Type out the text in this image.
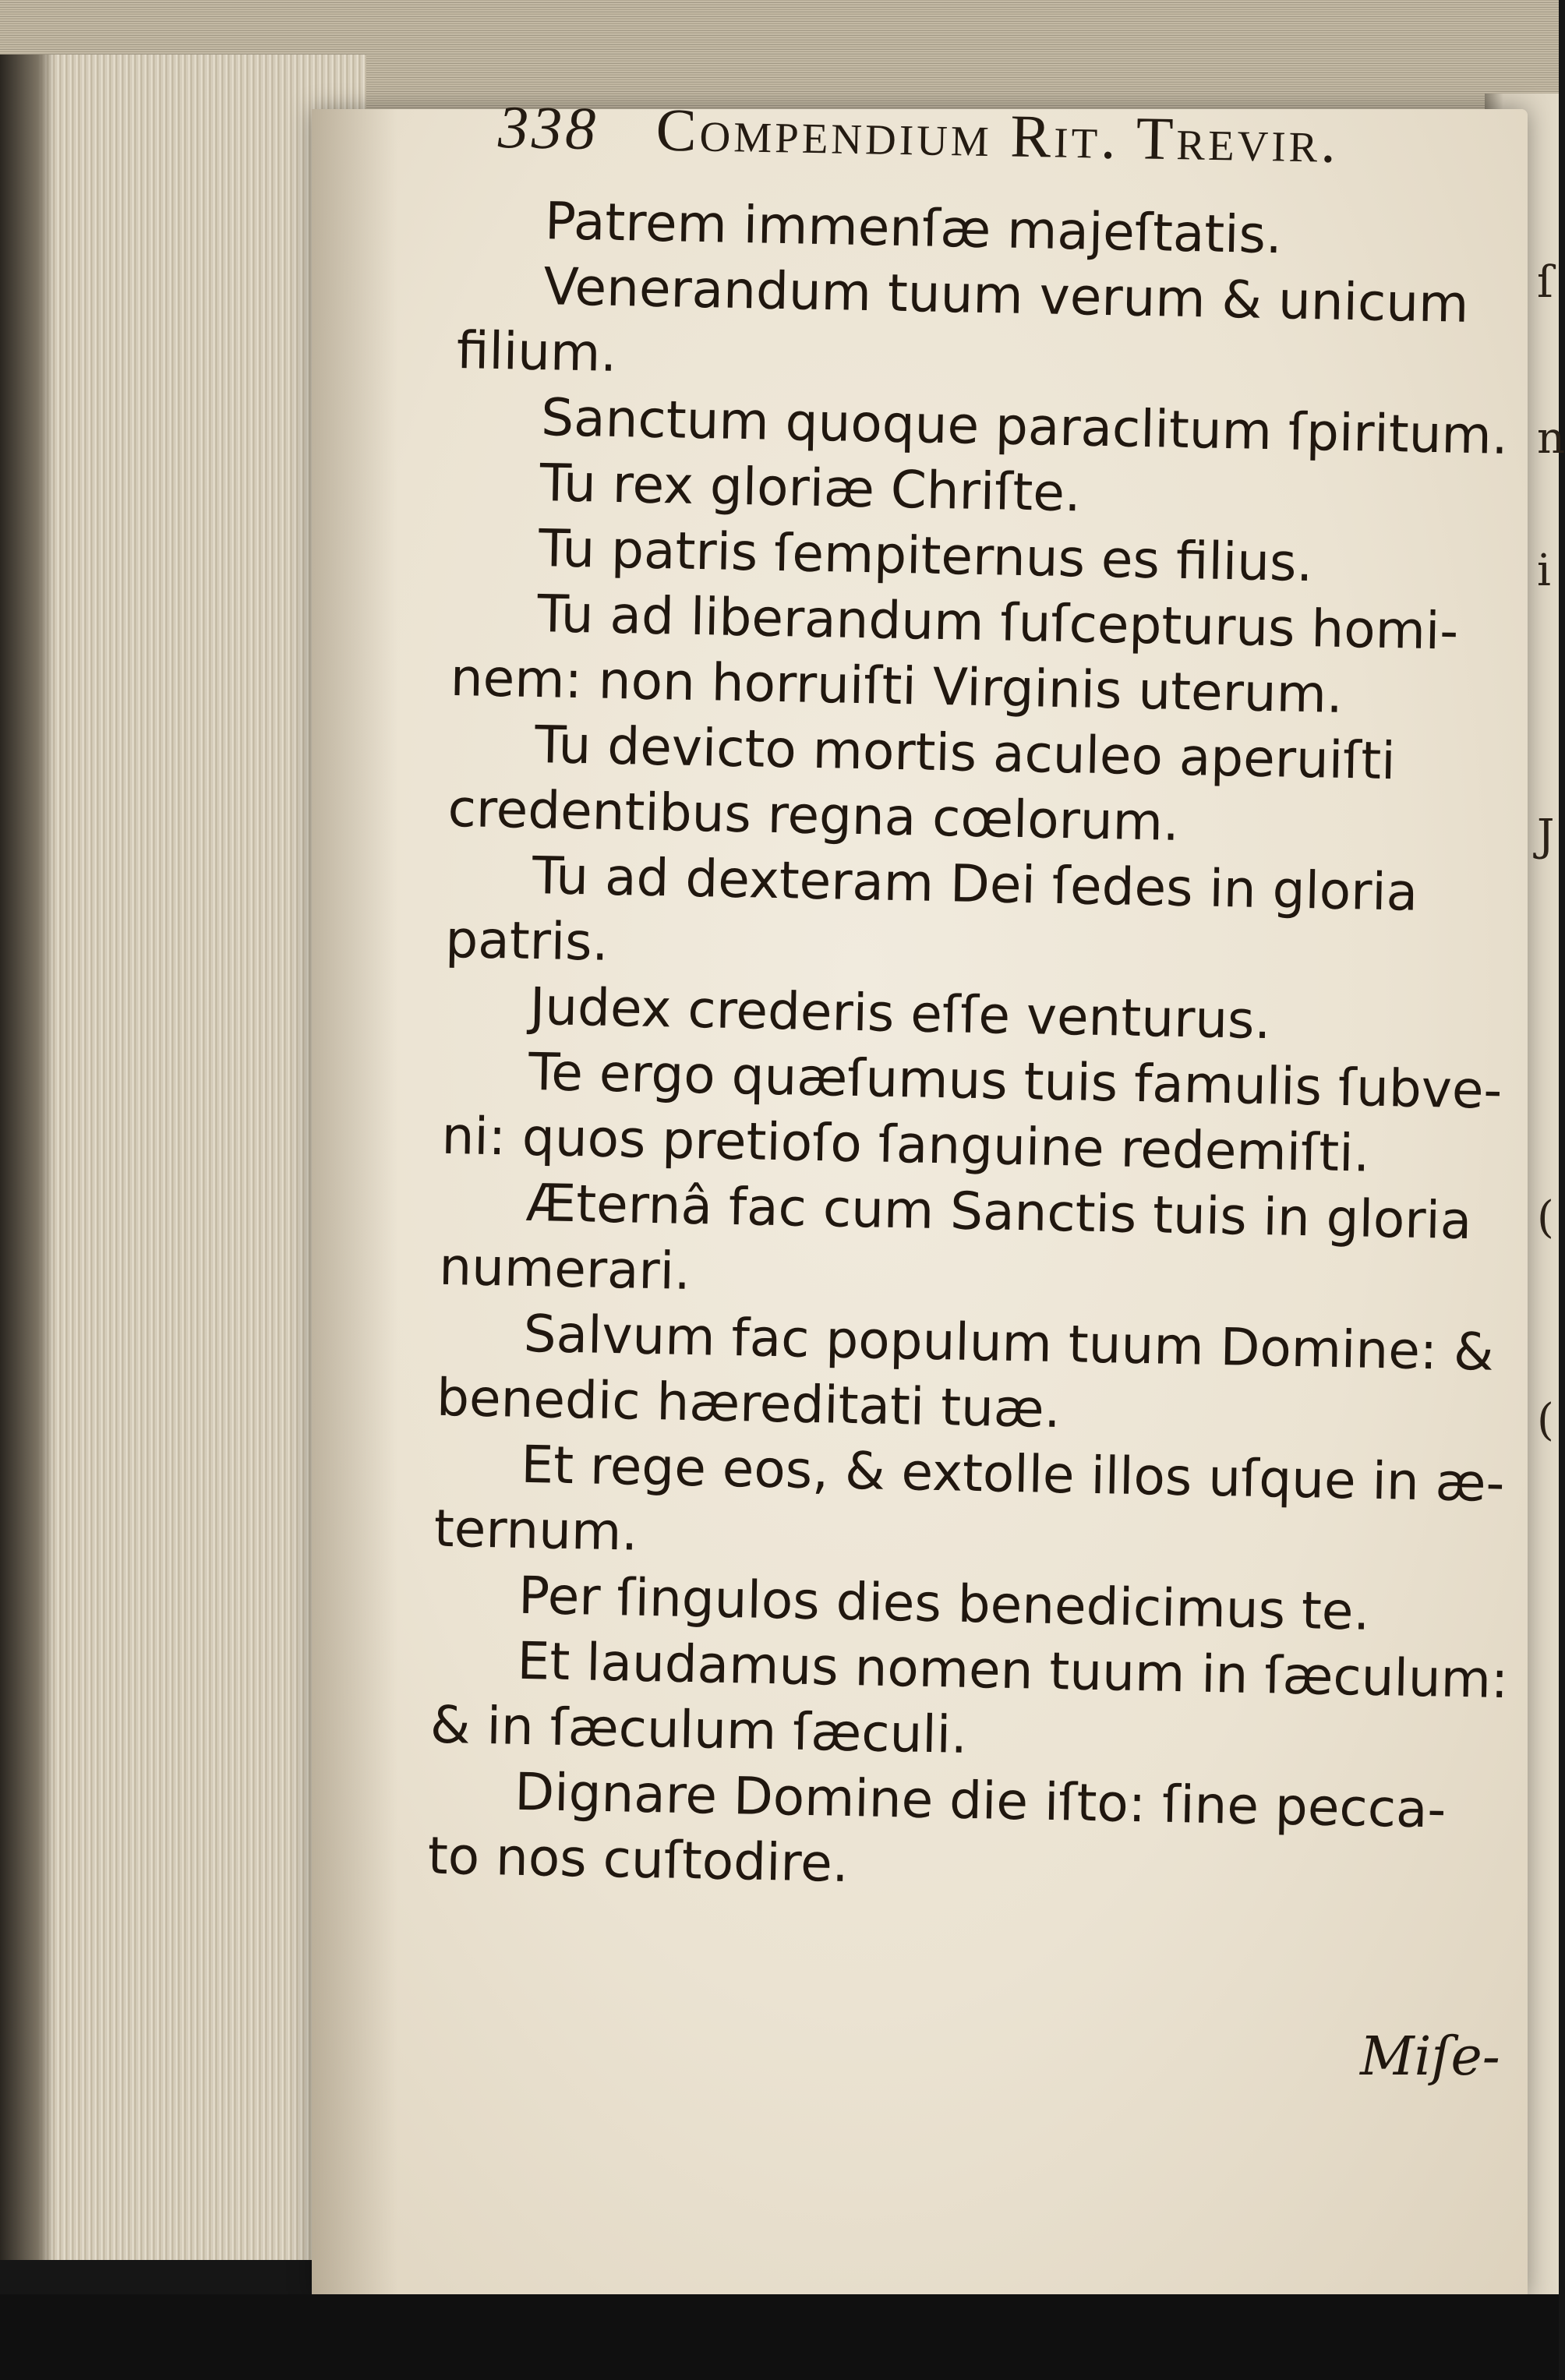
ſ
n
i
J
(
(
338 Compendium Rit. Trevir.
Patrem immenſæ majeſtatis.
Venerandum tuum verum & unicum
filium.
Sanctum quoque paraclitum ſpiritum.
Tu rex gloriæ Chriſte.
Tu patris ſempiternus es filius.
Tu ad liberandum ſuſcepturus homi-
nem: non horruiſti Virginis uterum.
Tu devicto mortis aculeo aperuiſti
credentibus regna cœlorum.
Tu ad dexteram Dei ſedes in gloria
patris.
Judex crederis eſſe venturus.
Te ergo quæſumus tuis famulis ſubve-
ni: quos pretioſo ſanguine redemiſti.
Æternâ fac cum Sanctis tuis in gloria
numerari.
Salvum fac populum tuum Domine: &
benedic hæreditati tuæ.
Et rege eos, & extolle illos uſque in æ-
ternum.
Per ſingulos dies benedicimus te.
Et laudamus nomen tuum in ſæculum:
& in ſæculum ſæculi.
Dignare Domine die iſto: ſine pecca-
to nos cuſtodire.
Miſe-
